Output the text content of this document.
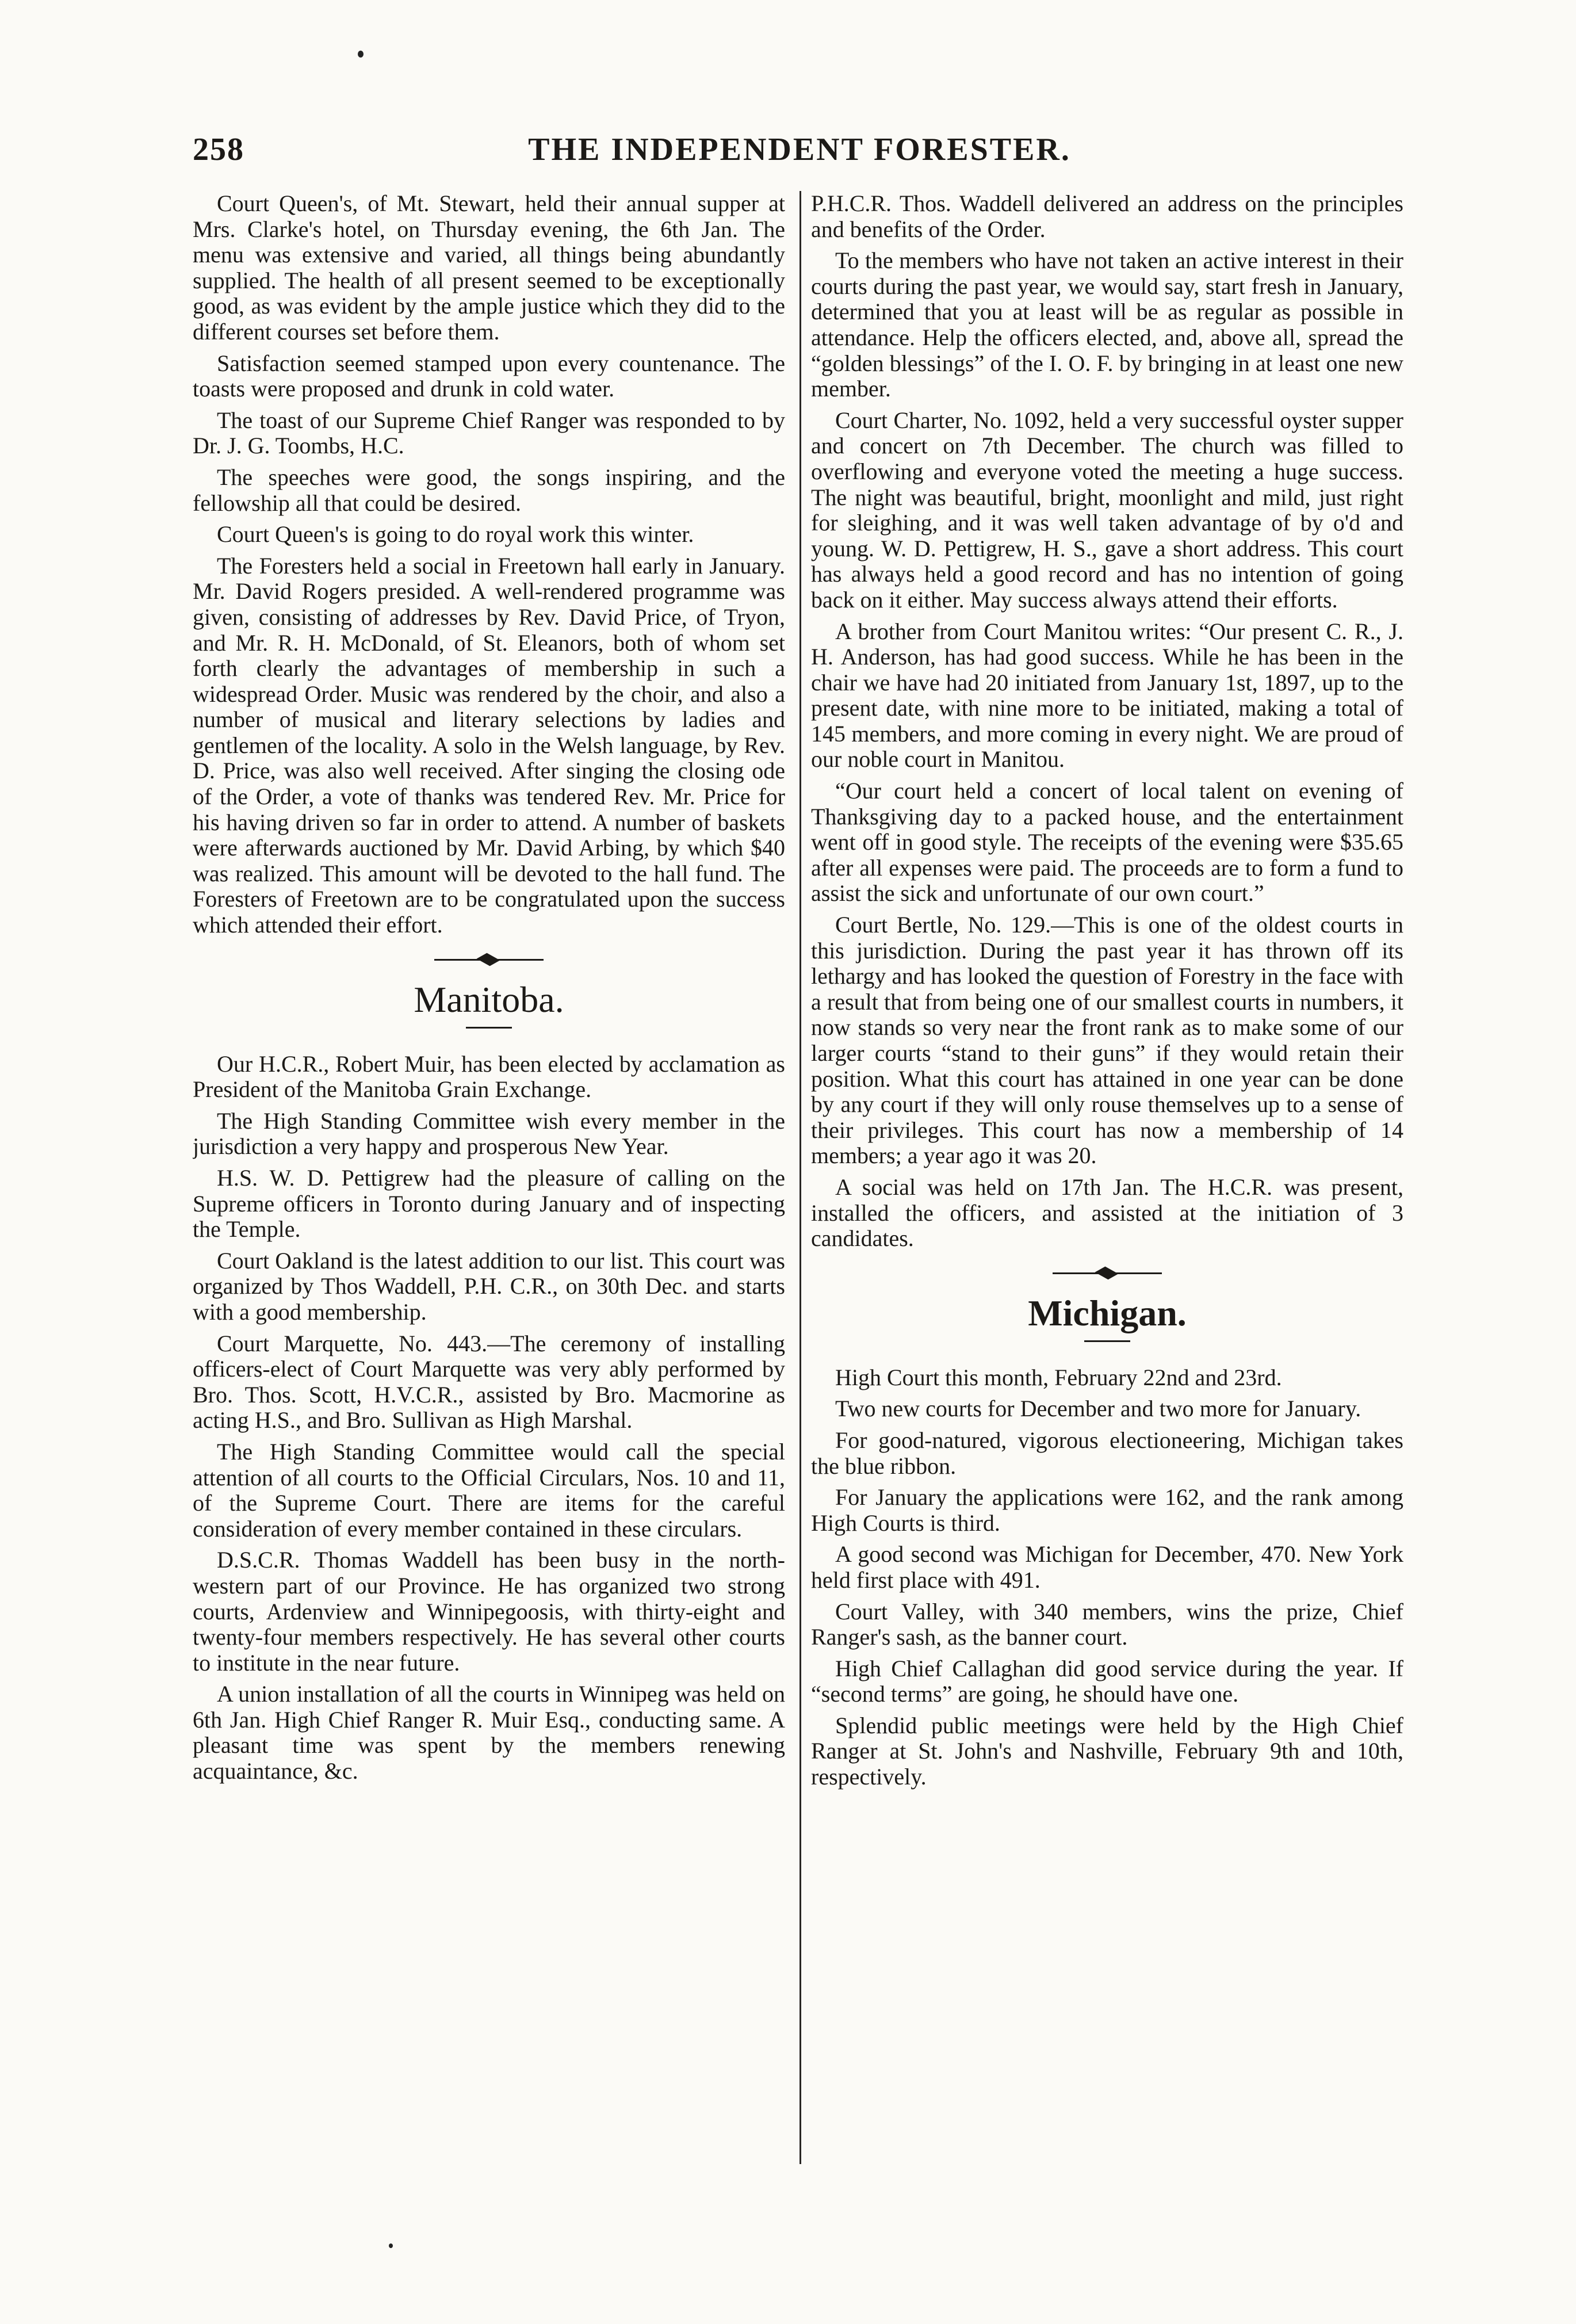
258	THE INDEPENDENT FORESTER.

Court Queen's, of Mt. Stewart, held their annual supper at Mrs. Clarke's hotel, on Thursday evening, the 6th Jan. The menu was extensive and varied, all things being abundantly supplied. The health of all present seemed to be exceptionally good, as was evident by the ample justice which they did to the different courses set before them.

Satisfaction seemed stamped upon every countenance. The toasts were proposed and drunk in cold water.

The toast of our Supreme Chief Ranger was responded to by Dr. J. G. Toombs, H.C.

The speeches were good, the songs inspiring, and the fellowship all that could be desired.

Court Queen's is going to do royal work this winter.

The Foresters held a social in Freetown hall early in January. Mr. David Rogers presided. A well-rendered programme was given, consisting of addresses by Rev. David Price, of Tryon, and Mr. R. H. McDonald, of St. Eleanors, both of whom set forth clearly the advantages of membership in such a widespread Order. Music was rendered by the choir, and also a number of musical and literary selections by ladies and gentlemen of the locality. A solo in the Welsh language, by Rev. D. Price, was also well received. After singing the closing ode of the Order, a vote of thanks was tendered Rev. Mr. Price for his having driven so far in order to attend. A number of baskets were afterwards auctioned by Mr. David Arbing, by which $40 was realized. This amount will be devoted to the hall fund. The Foresters of Freetown are to be congratulated upon the success which attended their effort.

Manitoba.

Our H.C.R., Robert Muir, has been elected by acclamation as President of the Manitoba Grain Exchange.

The High Standing Committee wish every member in the jurisdiction a very happy and prosperous New Year.

H.S. W. D. Pettigrew had the pleasure of calling on the Supreme officers in Toronto during January and of inspecting the Temple.

Court Oakland is the latest addition to our list. This court was organized by Thos Waddell, P.H. C.R., on 30th Dec. and starts with a good membership.

Court Marquette, No. 443.—The ceremony of installing officers-elect of Court Marquette was very ably performed by Bro. Thos. Scott, H.V.C.R., assisted by Bro. Macmorine as acting H.S., and Bro. Sullivan as High Marshal.

The High Standing Committee would call the special attention of all courts to the Official Circulars, Nos. 10 and 11, of the Supreme Court. There are items for the careful consideration of every member contained in these circulars.

D.S.C.R. Thomas Waddell has been busy in the north-western part of our Province. He has organized two strong courts, Ardenview and Winnipegoosis, with thirty-eight and twenty-four members respectively. He has several other courts to institute in the near future.

A union installation of all the courts in Winnipeg was held on 6th Jan. High Chief Ranger R. Muir Esq., conducting same. A pleasant time was spent by the members renewing acquaintance, &c.

P.H.C.R. Thos. Waddell delivered an address on the principles and benefits of the Order.

To the members who have not taken an active interest in their courts during the past year, we would say, start fresh in January, determined that you at least will be as regular as possible in attendance. Help the officers elected, and, above all, spread the “golden blessings” of the I. O. F. by bringing in at least one new member.

Court Charter, No. 1092, held a very successful oyster supper and concert on 7th December. The church was filled to overflowing and everyone voted the meeting a huge success. The night was beautiful, bright, moonlight and mild, just right for sleighing, and it was well taken advantage of by o'd and young. W. D. Pettigrew, H. S., gave a short address. This court has always held a good record and has no intention of going back on it either. May success always attend their efforts.

A brother from Court Manitou writes: “Our present C. R., J. H. Anderson, has had good success. While he has been in the chair we have had 20 initiated from January 1st, 1897, up to the present date, with nine more to be initiated, making a total of 145 members, and more coming in every night. We are proud of our noble court in Manitou.

“Our court held a concert of local talent on evening of Thanksgiving day to a packed house, and the entertainment went off in good style. The receipts of the evening were $35.65 after all expenses were paid. The proceeds are to form a fund to assist the sick and unfortunate of our own court.”

Court Bertle, No. 129.—This is one of the oldest courts in this jurisdiction. During the past year it has thrown off its lethargy and has looked the question of Forestry in the face with a result that from being one of our smallest courts in numbers, it now stands so very near the front rank as to make some of our larger courts “stand to their guns” if they would retain their position. What this court has attained in one year can be done by any court if they will only rouse themselves up to a sense of their privileges. This court has now a membership of 14 members; a year ago it was 20.

A social was held on 17th Jan. The H.C.R. was present, installed the officers, and assisted at the initiation of 3 candidates.

Michigan.

High Court this month, February 22nd and 23rd.

Two new courts for December and two more for January.

For good-natured, vigorous electioneering, Michigan takes the blue ribbon.

For January the applications were 162, and the rank among High Courts is third.

A good second was Michigan for December, 470. New York held first place with 491.

Court Valley, with 340 members, wins the prize, Chief Ranger's sash, as the banner court.

High Chief Callaghan did good service during the year. If “second terms” are going, he should have one.

Splendid public meetings were held by the High Chief Ranger at St. John's and Nashville, February 9th and 10th, respectively.
